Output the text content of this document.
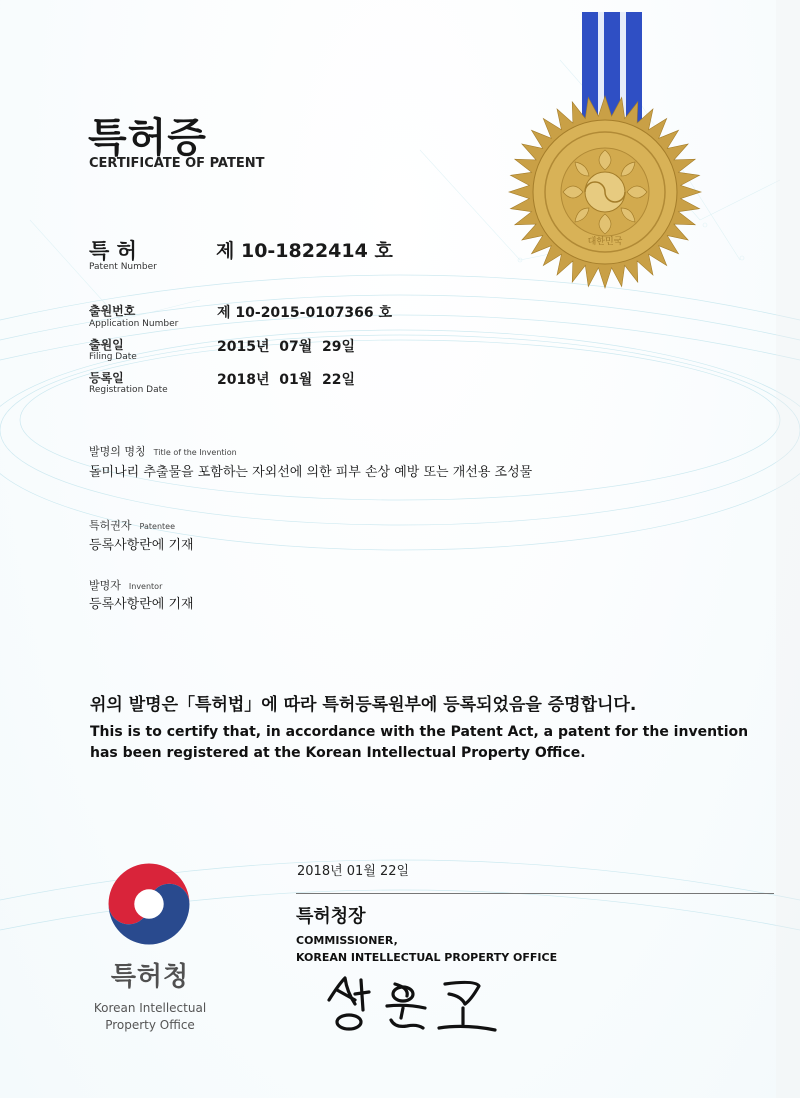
대한민국
특허증
CERTIFICATE OF PATENT
특 허
Patent Number
제 10-1822414 호
출원번호
Application Number
제 10-2015-0107366 호
출원일
Filing Date
2015년  07월  29일
등록일
Registration Date
2018년  01월  22일
발명의 명칭 Title of the Invention
돌미나리 추출물을 포함하는 자외선에 의한 피부 손상 예방 또는 개선용 조성물
특허권자 Patentee
등록사항란에 기재
발명자 Inventor
등록사항란에 기재
위의 발명은「특허법」에 따라 특허등록원부에 등록되었음을 증명합니다.
This is to certify that, in accordance with the Patent Act, a patent for the invention
has been registered at the Korean Intellectual Property Office.
2018년 01월 22일
특허청장
COMMISSIONER,
KOREAN INTELLECTUAL PROPERTY OFFICE
특허청
Korean Intellectual
Property Office
